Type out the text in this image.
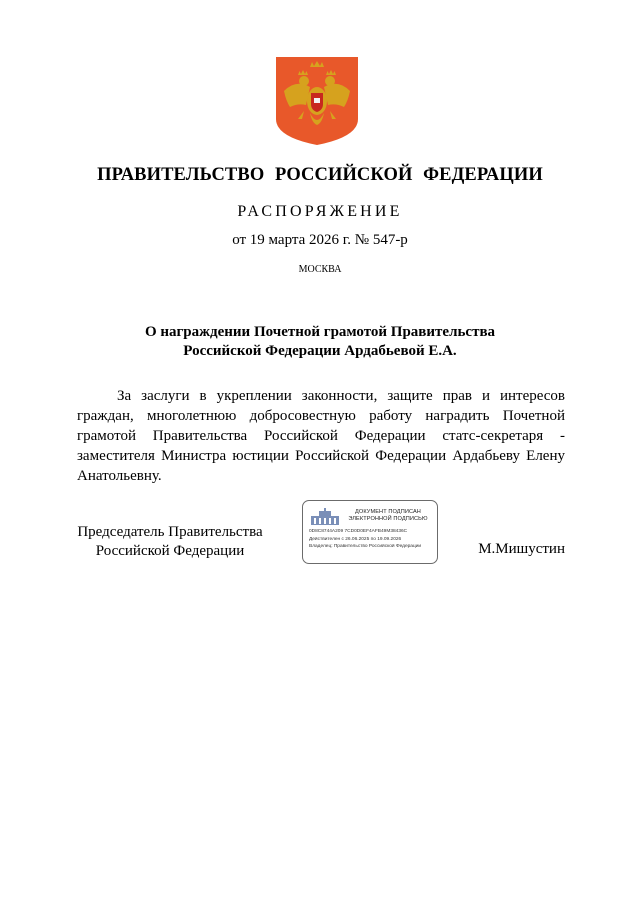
ПРАВИТЕЛЬСТВО РОССИЙСКОЙ ФЕДЕРАЦИИ
РАСПОРЯЖЕНИЕ
от 19 марта 2026 г. № 547-р
МОСКВА
О награждении Почетной грамотой Правительства
Российской Федерации Ардабьевой Е.А.
За заслуги в укреплении законности, защите прав и интересов граждан, многолетнюю добросовестную работу наградить Почетной грамотой Правительства Российской Федерации статс-секретаря - заместителя Министра юстиции Российской Федерации Ардабьеву Елену Анатольевну.
Председатель Правительства
Российской Федерации
ДОКУМЕНТ ПОДПИСАН
ЭЛЕКТРОННОЙ ПОДПИСЬЮ
0D8C8744A209 7CD0D0EF4AFB49M38436C
Действителен с 26.06.2025 по 19.09.2026
Владелец: Правительство Российской Федерации	М.Мишустин
